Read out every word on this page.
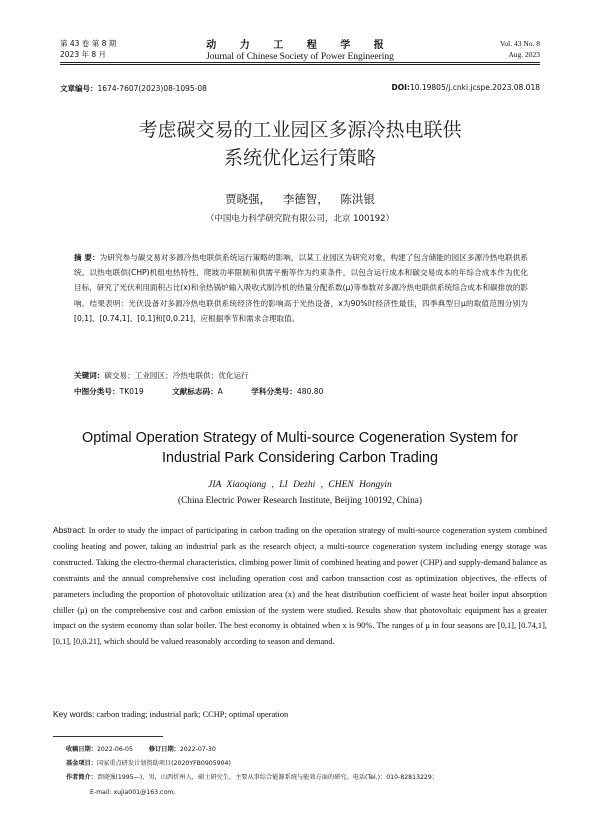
第 43 卷 第 8 期
2023 年 8 月
动 力 工 程 学 报
Journal of Chinese Society of Power Engineering
Vol. 43 No. 8
Aug. 2023
文章编号：1674-7607(2023)08-1095-08	DOI:10.19805/j.cnki.jcspe.2023.08.018
考虑碳交易的工业园区多源冷热电联供
系统优化运行策略
贾晓强， 李德智， 陈洪银
（中国电力科学研究院有限公司，北京 100192）
摘 要：为研究参与碳交易对多源冷热电联供系统运行策略的影响，以某工业园区为研究对象，构建了包含储能的园区多源冷热电联供系统。以热电联供(CHP)机组电热特性、爬坡功率限制和供需平衡等作为约束条件，以包含运行成本和碳交易成本的年综合成本作为优化目标，研究了光伏利用面积占比(x)和余热锅炉输入吸收式制冷机的热量分配系数(μ)等参数对多源冷热电联供系统综合成本和碳排放的影响。结果表明：光伏设备对多源冷热电联供系统经济性的影响高于光热设备，x为90%时经济性最佳，四季典型日μ的取值范围分别为[0,1]、[0.74,1]、[0,1]和[0,0.21]，应根据季节和需求合理取值。
关键词：碳交易；工业园区；冷热电联供；优化运行
中图分类号：TK019	文献标志码：A	学科分类号：480.80
Optimal Operation Strategy of Multi-source Cogeneration System for
Industrial Park Considering Carbon Trading
JIA Xiaoqiang , LI Dezhi , CHEN Hongyin
(China Electric Power Research Institute, Beijing 100192, China)
Abstract: In order to study the impact of participating in carbon trading on the operation strategy of multi-source cogeneration system combined cooling heating and power, taking an industrial park as the research object, a multi-source cogeneration system including energy storage was constructed. Taking the electro-thermal characteristics, climbing power limit of combined heating and power (CHP) and supply-demand balance as constraints and the annual comprehensive cost including operation cost and carbon transaction cost as optimization objectives, the effects of parameters including the proportion of photovoltaic utilization area (x) and the heat distribution coefficient of waste heat boiler input absorption chiller (μ) on the comprehensive cost and carbon emission of the system were studied. Results show that photovoltaic equipment has a greater impact on the system economy than solar boiler. The best economy is obtained when x is 90%. The ranges of μ in four seasons are [0,1], [0.74,1], [0,1], [0,0.21], which should be valued reasonably according to season and demand.
Key words: carbon trading; industrial park; CCHP; optimal operation
收稿日期：2022-06-05	修订日期：2022-07-30
基金项目：国家重点研发计划资助项目(2020YFB0905904)
作者简介：贾晓强(1995—)，男，山西忻州人，硕士研究生，主要从事综合能源系统与能效方面的研究。电话(Tel.)：010-82813229；
E-mail: xujia001@163.com。
